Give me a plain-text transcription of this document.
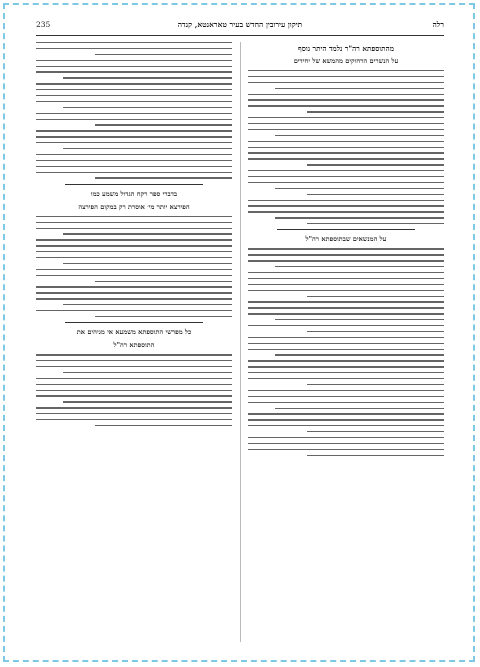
רלה
תיקון עירובין החדש בעיר טאראנטא, קנדה
235
מהתוספתא רה"ר נלמד היתר נוסף
על הנשרים הרחוקים מהמשא של יחידים
על המנשאים שבתוספתא רה"ל
בדברי ספר רקח הגדול משמע כמו
הפירצא יותר מי׳ אוסרת רק במקום הפירצה
כל מפרשי התוספתא משמעא אי מגיהים את
התוספתא רה"ל
